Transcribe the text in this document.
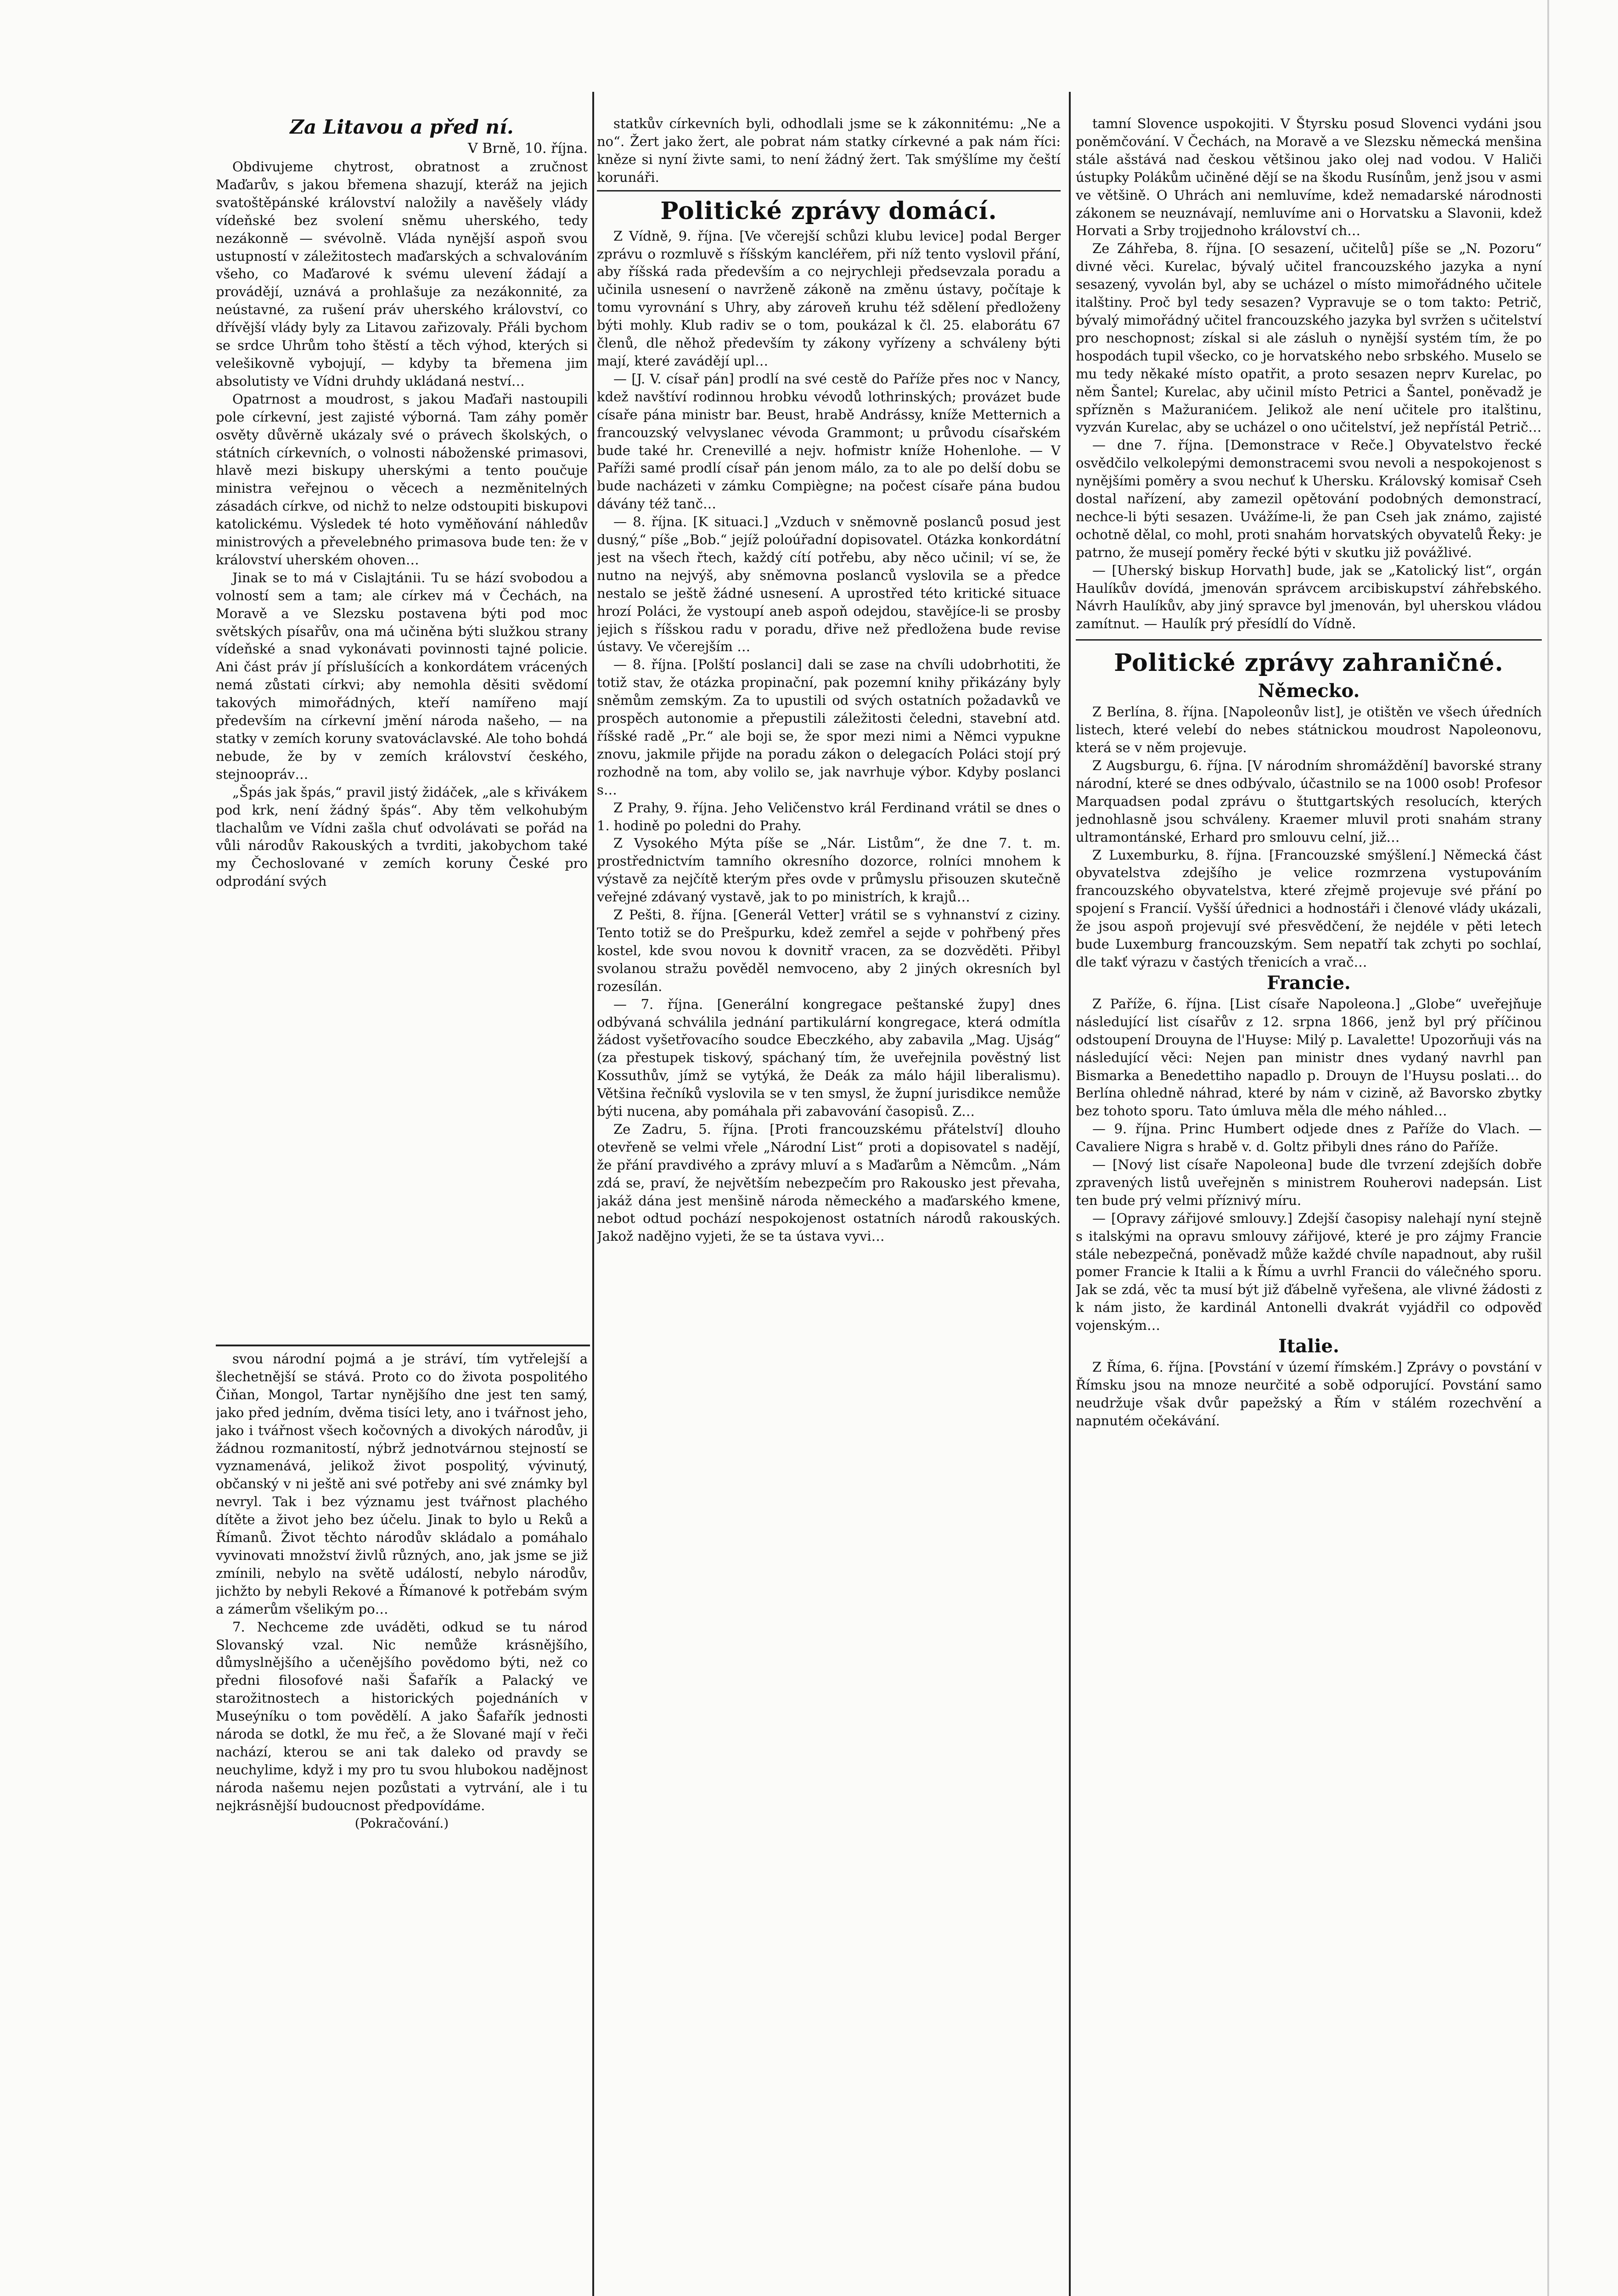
Za Litavou a před ní.

V Brně, 10. října.

Obdivujeme chytrost, obratnost a zručnost Maďarův, s jakou břemena shazují, kteráž na jejich svatoštěpánské království naložily a navěšely vlády vídeňské bez svolení sněmu uherského, tedy nezákonně — svévolně. Vláda nynější aspoň svou ustupností v záležitostech maďarských a schvalováním všeho, co Maďarové k svému ulevení žádají a provádějí, uznává a prohlašuje za nezákonnité, za neústavné, za rušení práv uherského království, co dřívější vlády byly za Litavou zařizovaly. Přáli bychom se srdce Uhrům toho štěstí a těch výhod, kterých si velešikovně vybojují, — kdyby ta břemena jim absolutisty ve Vídni druhdy ukládaná neství…

Opatrnost a moudrost, s jakou Maďaři nastoupili pole církevní, jest zajisté výborná. Tam záhy poměr osvěty důvěrně ukázaly své o právech školských, o státních církevních, o volnosti náboženské primasovi, hlavě mezi biskupy uherskými a tento poučuje ministra veřejnou o věcech a nezměnitelných zásadách církve, od nichž to nelze odstoupiti biskupovi katolickému. Výsledek té hoto vyměňování náhledův ministrových a převelebného primasova bude ten: že v království uherském ohoven…

Jinak se to má v Cislajtánii. Tu se hází svobodou a volností sem a tam; ale církev má v Čechách, na Moravě a ve Slezsku postavena býti pod moc světských písařův, ona má učiněna býti služkou strany vídeňské a snad vykonávati povinnosti tajné policie. Ani část práv jí příslušících a konkordátem vrácených nemá zůstati církvi; aby nemohla děsiti svědomí takových mimořádných, kteří namířeno mají především na církevní jmění národa našeho, — na statky v zemích koruny svatováclavské. Ale toho bohdá nebude, že by v zemích království českého, stejnoopráv…

„Špás jak špás,“ pravil jistý židáček, „ale s křivákem pod krk, není žádný špás“. Aby těm velkohubým tlachalům ve Vídni zašla chuť odvolávati se pořád na vůli národův Rakouských a tvrditi, jakobychom také my Čechoslované v zemích koruny České pro odprodání svých

svou národní pojmá a je stráví, tím vytřelejší a šlechetnější se stává. Proto co do života pospolitého Čiňan, Mongol, Tartar nynějšího dne jest ten samý, jako před jedním, dvěma tisíci lety, ano i tvářnost jeho, jako i tvářnost všech kočovných a divokých národův, ji žádnou rozmanitostí, nýbrž jednotvárnou stejností se vyznamenává, jelikož život pospolitý, vývinutý, občanský v ni ještě ani své potřeby ani své známky byl nevryl. Tak i bez významu jest tvářnost plachého dítěte a život jeho bez účelu. Jinak to bylo u Reků a Římanů. Život těchto národův skládalo a pomáhalo vyvinovati množství živlů různých, ano, jak jsme se již zmínili, nebylo na světě událostí, nebylo národův, jichžto by nebyli Rekové a Římanové k potřebám svým a zámerům všelikým po…

7. Nechceme zde uváděti, odkud se tu národ Slovanský vzal. Nic nemůže krásnějšího, důmyslnějšího a učenějšího povědomo býti, než co předni filosofové naši Šafařík a Palacký ve starožitnostech a historických pojednáních v Museýníku o tom povědělí. A jako Šafařík jednosti národa se dotkl, že mu řeč, a že Slované mají v řeči nachází, kterou se ani tak daleko od pravdy se neuchylime, když i my pro tu svou hlubokou nadějnost národa našemu nejen pozůstati a vytrvání, ale i tu nejkrásnější budoucnost předpovídáme.

(Pokračování.)

statkův církevních byli, odhodlali jsme se k zákonnitému: „Ne a no“. Žert jako žert, ale pobrat nám statky církevné a pak nám říci: kněze si nyní živte sami, to není žádný žert. Tak smýšlíme my čeští korunáři.

Politické zprávy domácí.

Z Vídně, 9. října. [Ve včerejší schůzi klubu levice] podal Berger zprávu o rozmluvě s říšským kancléřem, při níž tento vyslovil přání, aby říšská rada především a co nejrychleji předsevzala poradu a učinila usnesení o navrženě zákoně na změnu ústavy, počítaje k tomu vyrovnání s Uhry, aby zároveň kruhu též sdělení předloženy býti mohly. Klub radiv se o tom, poukázal k čl. 25. elaborátu 67 členů, dle něhož především ty zákony vyřízeny a schváleny býti mají, které zavádějí upl…

— [J. V. císař pán] prodlí na své cestě do Paříže přes noc v Nancy, kdež navštíví rodinnou hrobku vévodů lothrinských; provázet bude císaře pána ministr bar. Beust, hrabě Andrássy, kníže Metternich a francouzský velvyslanec vévoda Grammont; u průvodu císařském bude také hr. Crenevillé a nejv. hofmistr kníže Hohenlohe. — V Paříži samé prodlí císař pán jenom málo, za to ale po delší dobu se bude nacházeti v zámku Compiègne; na počest císaře pána budou dávány též tanč…

— 8. října. [K situaci.] „Vzduch v sněmovně poslanců posud jest dusný,“ píše „Bob.“ jejíž poloúřadní dopisovatel. Otázka konkordátní jest na všech řtech, každý cítí potřebu, aby něco učinil; ví se, že nutno na nejvýš, aby sněmovna poslanců vyslovila se a předce nestalo se ještě žádné usnesení. A uprostřed této kritické situace hrozí Poláci, že vystoupí aneb aspoň odejdou, stavějíce-li se prosby jejich s říšskou radu v poradu, dřive než předložena bude revise ústavy. Ve včerejším …

— 8. října. [Polští poslanci] dali se zase na chvíli udobrhotiti, že totiž stav, že otázka propinační, pak pozemní knihy přikázány byly sněmům zemským. Za to upustili od svých ostatních požadavků ve prospěch autonomie a přepustili záležitosti čeledni, stavební atd. říšské radě „Pr.“ ale boji se, že spor mezi nimi a Němci vypukne znovu, jakmile přijde na poradu zákon o delegacích Poláci stojí prý rozhodně na tom, aby volilo se, jak navrhuje výbor. Kdyby poslanci s…

Z Prahy, 9. října. Jeho Veličenstvo král Ferdinand vrátil se dnes o 1. hodině po poledni do Prahy.

Z Vysokého Mýta píše se „Nár. Listům“, že dne 7. t. m. prostřednictvím tamního okresního dozorce, rolníci mnohem k výstavě za nejčítě kterým přes ovde v průmyslu přisouzen skutečně veřejné zdávaný vystavě, jak to po ministrích, k krajů…

Z Pešti, 8. října. [Generál Vetter] vrátil se s vyhnanství z ciziny. Tento totiž se do Prešpurku, kdež zemřel a sejde v pohřbený přes kostel, kde svou novou k dovnitř vracen, za se dozvěděti. Přibyl svolanou stražu pověděl nemvoceno, aby 2 jiných okresních byl rozesílán.

— 7. října. [Generální kongregace peštanské župy] dnes odbývaná schválila jednání partikulární kongregace, která odmítla žádost vyšetřovacího soudce Ebeczkého, aby zabavila „Mag. Ujság“ (za přestupek tiskový, spáchaný tím, že uveřejnila pověstný list Kossuthův, jímž se vytýká, že Deák za málo hájil liberalismu). Většina řečníků vyslovila se v ten smysl, že župní jurisdikce nemůže býti nucena, aby pomáhala při zabavování časopisů. Z…

Ze Zadru, 5. října. [Proti francouzskému přátelství] dlouho otevřeně se velmi vřele „Národní List“ proti a dopisovatel s nadějí, že přání pravdivého a zprávy mluví a s Maďarům a Němcům. „Nám zdá se, praví, že největším nebezpečím pro Rakousko jest převaha, jakáž dána jest menšině národa německého a maďarského kmene, nebot odtud pochází nespokojenost ostatních národů rakouských. Jakož nadějno vyjeti, že se ta ústava vyvi…

tamní Slovence uspokojiti. V Štyrsku posud Slovenci vydáni jsou poněmčování. V Čechách, na Moravě a ve Slezsku německá menšina stále ašstává nad českou většinou jako olej nad vodou. V Haliči ústupky Polákům učiněné dějí se na škodu Rusínům, jenž jsou v asmi ve většině. O Uhrách ani nemluvíme, kdež nemadarské národnosti zákonem se neuznávají, nemluvíme ani o Horvatsku a Slavonii, kdež Horvati a Srby trojjednoho království ch…

Ze Záhřeba, 8. října. [O sesazení, učitelů] píše se „N. Pozoru“ divné věci. Kurelac, bývalý učitel francouzského jazyka a nyní sesazený, vyvolán byl, aby se ucházel o místo mimořádného učitele italštiny. Proč byl tedy sesazen? Vypravuje se o tom takto: Petrič, bývalý mimořádný učitel francouzského jazyka byl svržen s učitelství pro neschopnost; získal si ale zásluh o nynější systém tím, že po hospodách tupil všecko, co je horvatského nebo srbského. Muselo se mu tedy někaké místo opatřit, a proto sesazen neprv Kurelac, po něm Šantel; Kurelac, aby učinil místo Petrici a Šantel, poněvadž je spřízněn s Mažuranićem. Jelikož ale není učitele pro italštinu, vyzván Kurelac, aby se ucházel o ono učitelství, jež nepřístál Petrič…

— dne 7. října. [Demonstrace v Reče.] Obyvatelstvo řecké osvědčilo velkolepými demonstracemi svou nevoli a nespokojenost s nynějšími poměry a svou nechuť k Uhersku. Královský komisař Cseh dostal nařízení, aby zamezil opětování podobných demonstrací, nechce-li býti sesazen. Uvážíme-li, že pan Cseh jak známo, zajisté ochotně dělal, co mohl, proti snahám horvatských obyvatelů Řeky: je patrno, že musejí poměry řecké býti v skutku již povážlivé.

— [Uherský biskup Horvath] bude, jak se „Katolický list“, orgán Haulíkův dovídá, jmenován správcem arcibiskupství záhřebského. Návrh Haulíkův, aby jiný spravce byl jmenován, byl uherskou vládou zamítnut. — Haulík prý přesídlí do Vídně.

Politické zprávy zahraničné.

Německo.

Z Berlína, 8. října. [Napoleonův list], je otištěn ve všech úředních listech, které velebí do nebes státnickou moudrost Napoleonovu, která se v něm projevuje.

Z Augsburgu, 6. října. [V národním shromáždění] bavorské strany národní, které se dnes odbývalo, účastnilo se na 1000 osob! Profesor Marquadsen podal zprávu o štuttgartských resolucích, kterých jednohlasně jsou schváleny. Kraemer mluvil proti snahám strany ultramontánské, Erhard pro smlouvu celní, již…

Z Luxemburku, 8. října. [Francouzské smýšlení.] Německá část obyvatelstva zdejšího je velice rozmrzena vystupováním francouzského obyvatelstva, které zřejmě projevuje své přání po spojení s Francií. Vyšší úřednici a hodnostáři i členové vlády ukázali, že jsou aspoň projevují své přesvědčení, že nejdéle v pěti letech bude Luxemburg francouzským. Sem nepatří tak zchyti po sochlaí, dle takť výrazu v častých třenicích a vrač…

Francie.

Z Paříže, 6. října. [List císaře Napoleona.] „Globe“ uveřejňuje následující list císařův z 12. srpna 1866, jenž byl prý příčinou odstoupení Drouyna de l'Huyse: Milý p. Lavalette! Upozorňuji vás na následující věci: Nejen pan ministr dnes vydaný navrhl pan Bismarka a Benedettiho napadlo p. Drouyn de l'Huysu poslati… do Berlína ohledně náhrad, které by nám v cizině, až Bavorsko zbytky bez tohoto sporu. Tato úmluva měla dle mého náhled…

— 9. října. Princ Humbert odjede dnes z Paříže do Vlach. — Cavaliere Nigra s hrabě v. d. Goltz přibyli dnes ráno do Paříže.

— [Nový list císaře Napoleona] bude dle tvrzení zdejších dobře zpravených listů uveřejněn s ministrem Rouherovi nadepsán. List ten bude prý velmi příznivý míru.

— [Opravy zářijové smlouvy.] Zdejší časopisy nalehají nyní stejně s italskými na opravu smlouvy zářijové, které je pro zájmy Francie stále nebezpečná, poněvadž může každé chvíle napadnout, aby rušil pomer Francie k Italii a k Římu a uvrhl Francii do válečného sporu. Jak se zdá, věc ta musí být již ďábelně vyřešena, ale vlivné žádosti z k nám jisto, že kardinál Antonelli dvakrát vyjádřil co odpověď vojenským…

Italie.

Z Říma, 6. října. [Povstání v území římském.] Zprávy o povstání v Římsku jsou na mnoze neurčité a sobě odporující. Povstání samo neudržuje však dvůr papežský a Řím v stálém rozechvění a napnutém očekávání.
